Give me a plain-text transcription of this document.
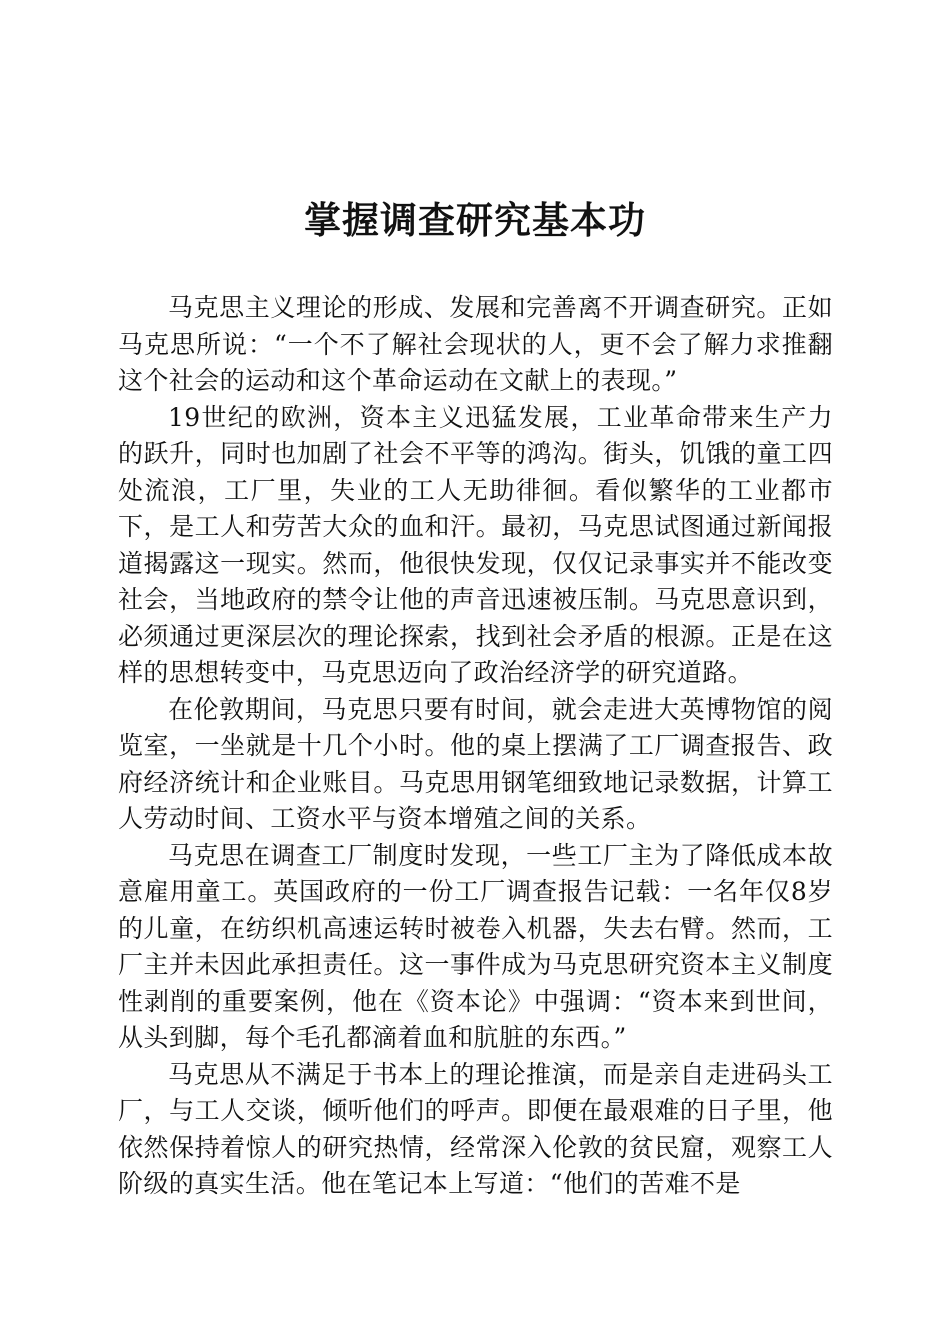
掌握调查研究基本功

马克思主义理论的形成、发展和完善离不开调查研究。正如马克思所说：“一个不了解社会现状的人，更不会了解力求推翻这个社会的运动和这个革命运动在文献上的表现。”

19世纪的欧洲，资本主义迅猛发展，工业革命带来生产力的跃升，同时也加剧了社会不平等的鸿沟。街头，饥饿的童工四处流浪，工厂里，失业的工人无助徘徊。看似繁华的工业都市下，是工人和劳苦大众的血和汗。最初，马克思试图通过新闻报道揭露这一现实。然而，他很快发现，仅仅记录事实并不能改变社会，当地政府的禁令让他的声音迅速被压制。马克思意识到，必须通过更深层次的理论探索，找到社会矛盾的根源。正是在这样的思想转变中，马克思迈向了政治经济学的研究道路。

在伦敦期间，马克思只要有时间，就会走进大英博物馆的阅览室，一坐就是十几个小时。他的桌上摆满了工厂调查报告、政府经济统计和企业账目。马克思用钢笔细致地记录数据，计算工人劳动时间、工资水平与资本增殖之间的关系。

马克思在调查工厂制度时发现，一些工厂主为了降低成本故意雇用童工。英国政府的一份工厂调查报告记载：一名年仅8岁的儿童，在纺织机高速运转时被卷入机器，失去右臂。然而，工厂主并未因此承担责任。这一事件成为马克思研究资本主义制度性剥削的重要案例，他在《资本论》中强调：“资本来到世间，从头到脚，每个毛孔都滴着血和肮脏的东西。”

马克思从不满足于书本上的理论推演，而是亲自走进码头工厂，与工人交谈，倾听他们的呼声。即便在最艰难的日子里，他依然保持着惊人的研究热情，经常深入伦敦的贫民窟，观察工人阶级的真实生活。他在笔记本上写道：“他们的苦难不是
